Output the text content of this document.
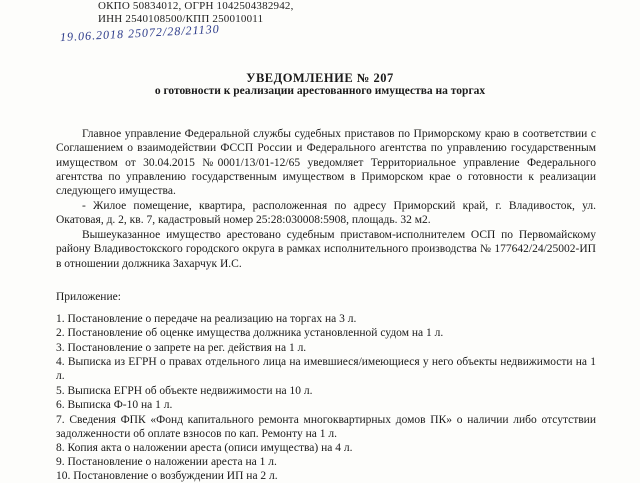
ОКПО 50834012, ОГРН 1042504382942,
ИНН 2540108500/КПП 250010011
19.06.2018 25072/28/21130
УВЕДОМЛЕНИЕ № 207
о готовности к реализации арестованного имущества на торгах
Главное управление Федеральной службы судебных приставов по Приморскому краю в соответствии с Соглашением о взаимодействии ФССП России и Федерального агентства по управлению государственным имуществом от 30.04.2015 №0001/13/01-12/65 уведомляет Территориальное управление Федерального агентства по управлению государственным имуществом в Приморском крае о готовности к реализации следующего имущества.
- Жилое помещение, квартира, расположенная по адресу Приморский край, г. Владивосток, ул. Окатовая, д. 2, кв. 7, кадастровый номер 25:28:030008:5908, площадь. 32 м2.
Вышеуказанное имущество арестовано судебным приставом-исполнителем ОСП по Первомайскому району Владивостокского городского округа в рамках исполнительного производства № 177642/24/25002-ИП в отношении должника Захарчук И.С.
Приложение:
1. Постановление о передаче на реализацию на торгах на 3 л.
2. Постановление об оценке имущества должника установленной судом на 1 л.
3. Постановление о запрете на рег. действия на 1 л.
4. Выписка из ЕГРН о правах отдельного лица на имевшиеся/имеющиеся у него объекты недвижимости на 1 л.
5. Выписка ЕГРН об объекте недвижимости на 10 л.
6. Выписка Ф-10 на 1 л.
7. Сведения ФПК «Фонд капитального ремонта многоквартирных домов ПК» о наличии либо отсутствии задолженности об оплате взносов по кап. Ремонту на 1 л.
8. Копия акта о наложении ареста (описи имущества) на 4 л.
9. Постановление о наложении ареста на 1 л.
10. Постановление о возбуждении ИП на 2 л.
